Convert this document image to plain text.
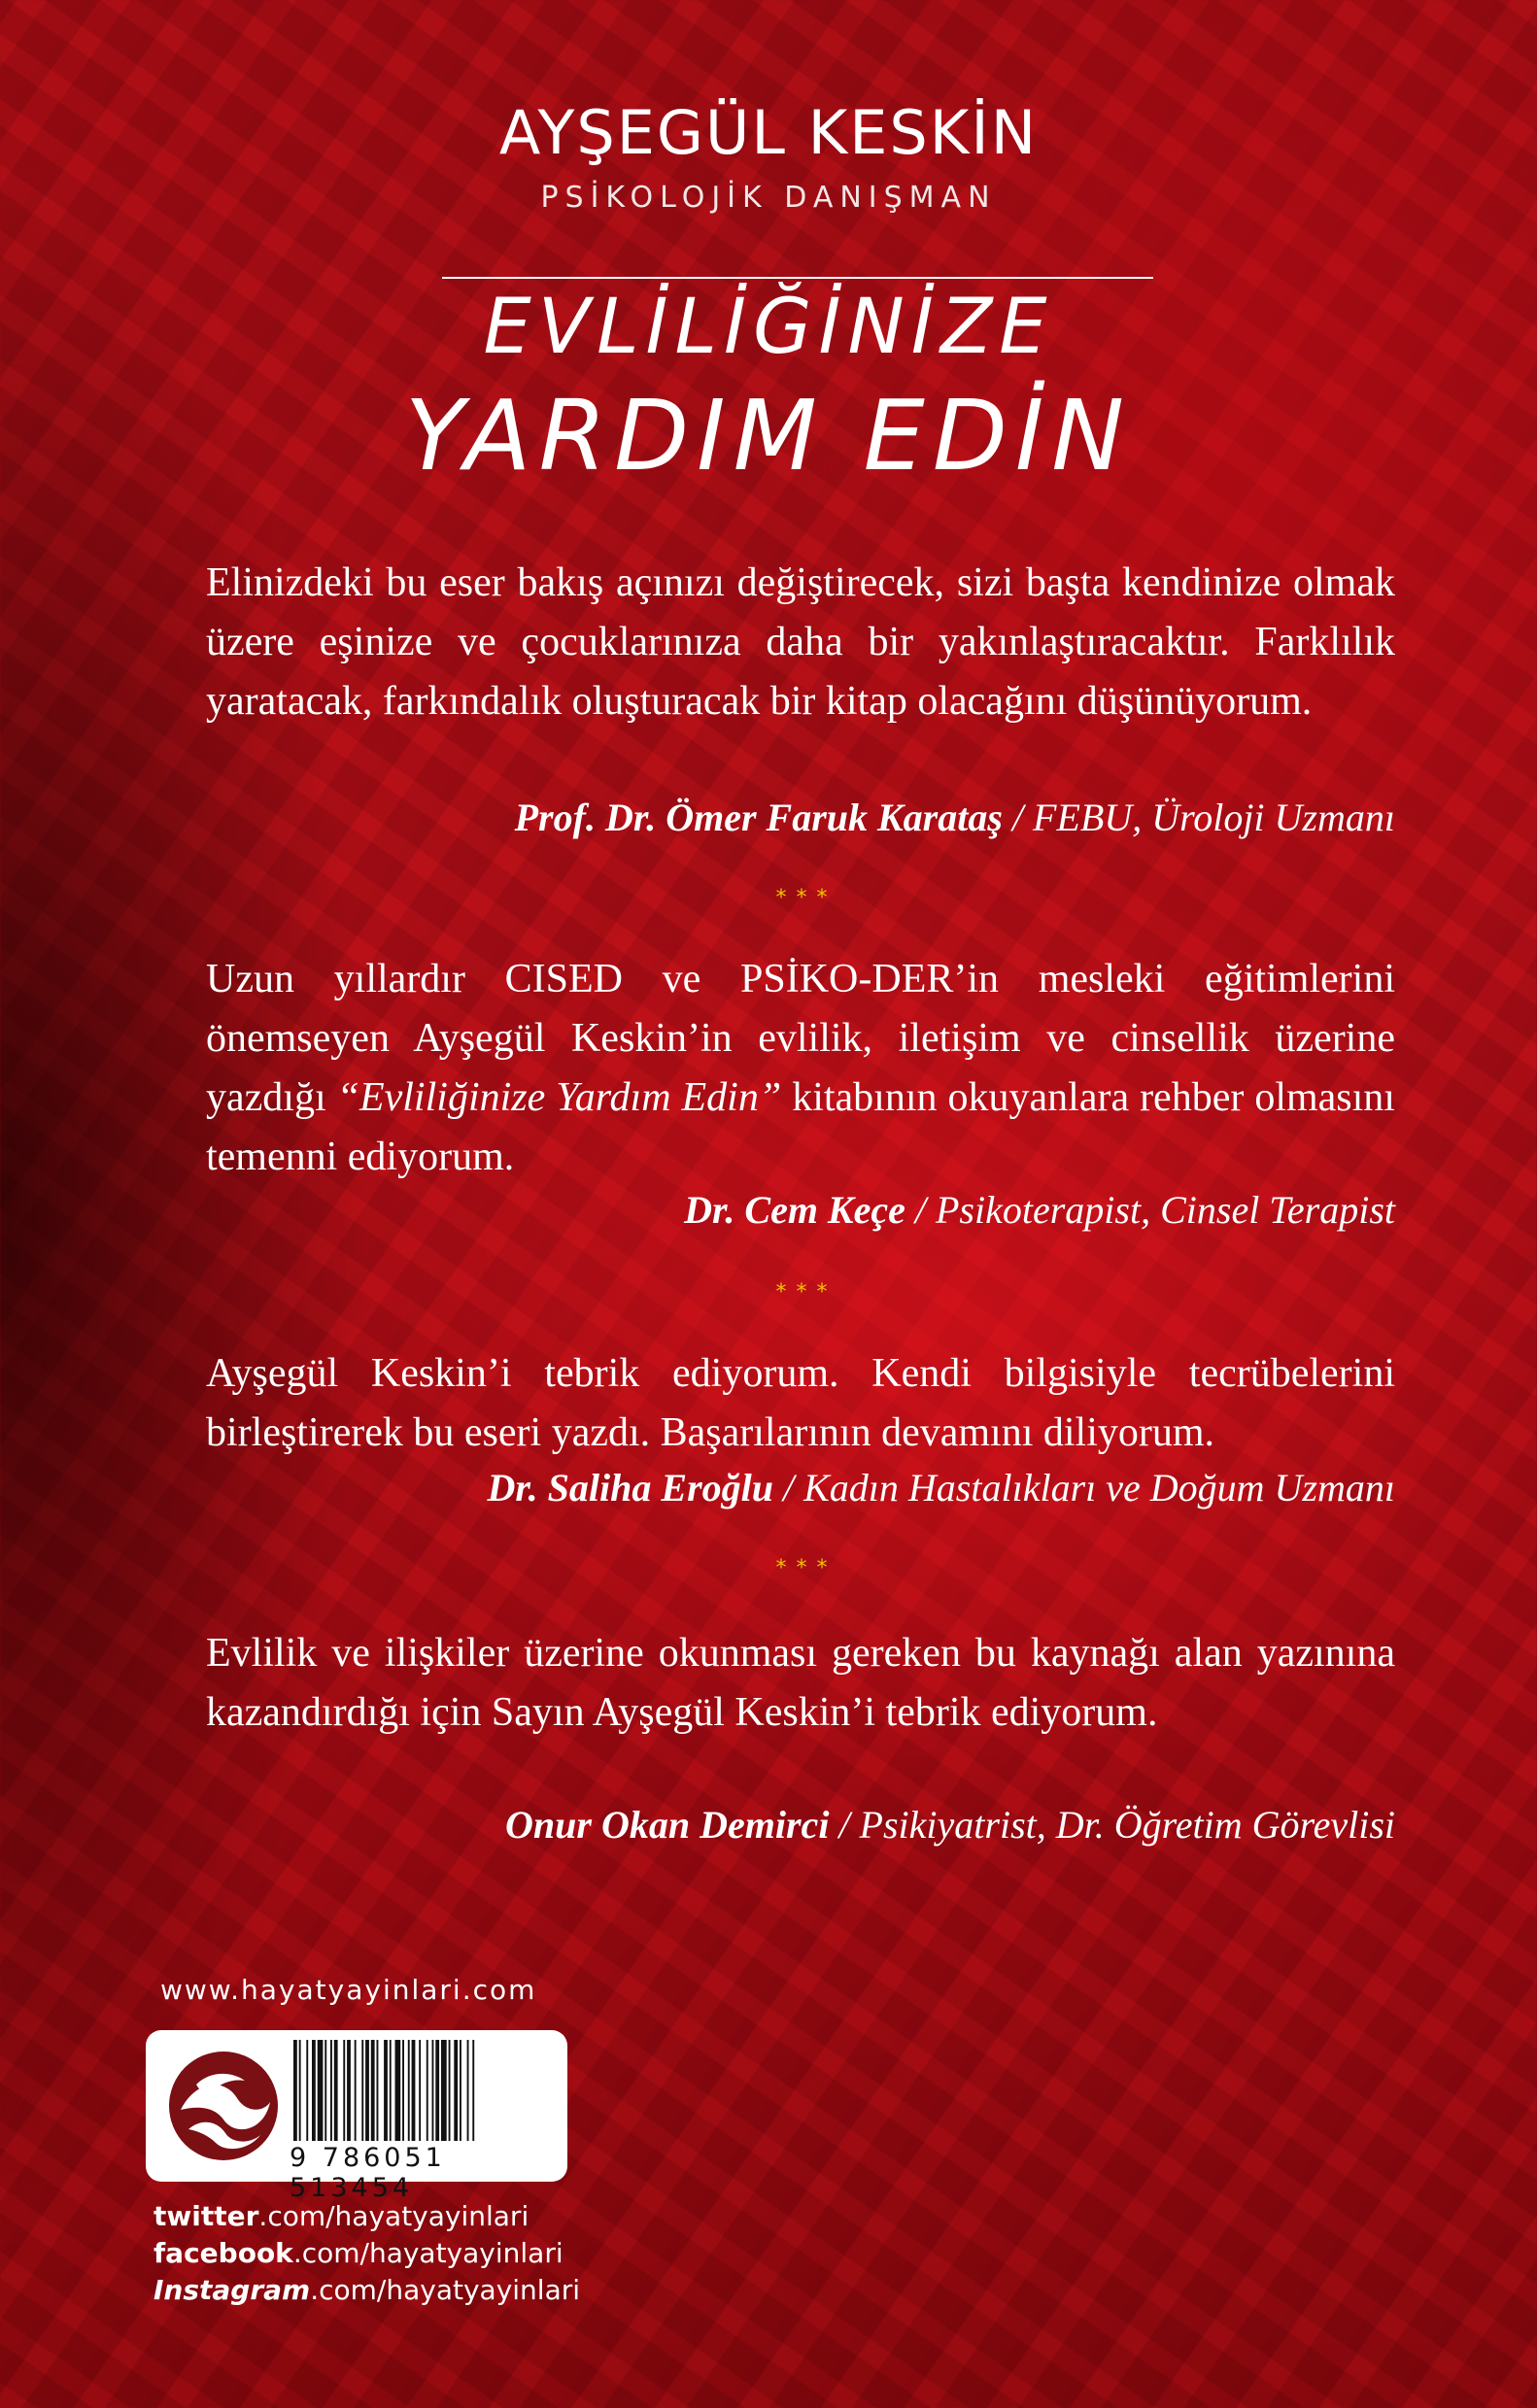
AYŞEGÜL KESKİN
PSİKOLOJİK DANIŞMAN
EVLİLİĞİNİZE
YARDIM EDİN
Elinizdeki bu eser bakış açınızı değiştirecek, sizi başta kendinize olmak üzere eşinize ve çocuklarınıza daha bir yakınlaştıracaktır. Farklılık yaratacak, farkındalık oluşturacak bir kitap olacağını düşünüyorum.
Prof. Dr. Ömer Faruk Karataş / FEBU, Üroloji Uzmanı
***
Uzun yıllardır CISED ve PSİKO-DER’in mesleki eğitimlerini önemseyen Ayşegül Keskin’in evlilik, iletişim ve cinsellik üzerine yazdığı “Evliliğinize Yardım Edin” kitabının okuyanlara rehber olmasını temenni ediyorum.
Dr. Cem Keçe / Psikoterapist, Cinsel Terapist
***
Ayşegül Keskin’i tebrik ediyorum. Kendi bilgisiyle tecrübelerini birleştirerek bu eseri yazdı. Başarılarının devamını diliyorum.
Dr. Saliha Eroğlu / Kadın Hastalıkları ve Doğum Uzmanı
***
Evlilik ve ilişkiler üzerine okunması gereken bu kaynağı alan yazınına kazandırdığı için Sayın Ayşegül Keskin’i tebrik ediyorum.
Onur Okan Demirci / Psikiyatrist, Dr. Öğretim Görevlisi
www.hayatyayinlari.com
9 786051 513454
twitter.com/hayatyayinlari
facebook.com/hayatyayinlari
Instagram.com/hayatyayinlari
